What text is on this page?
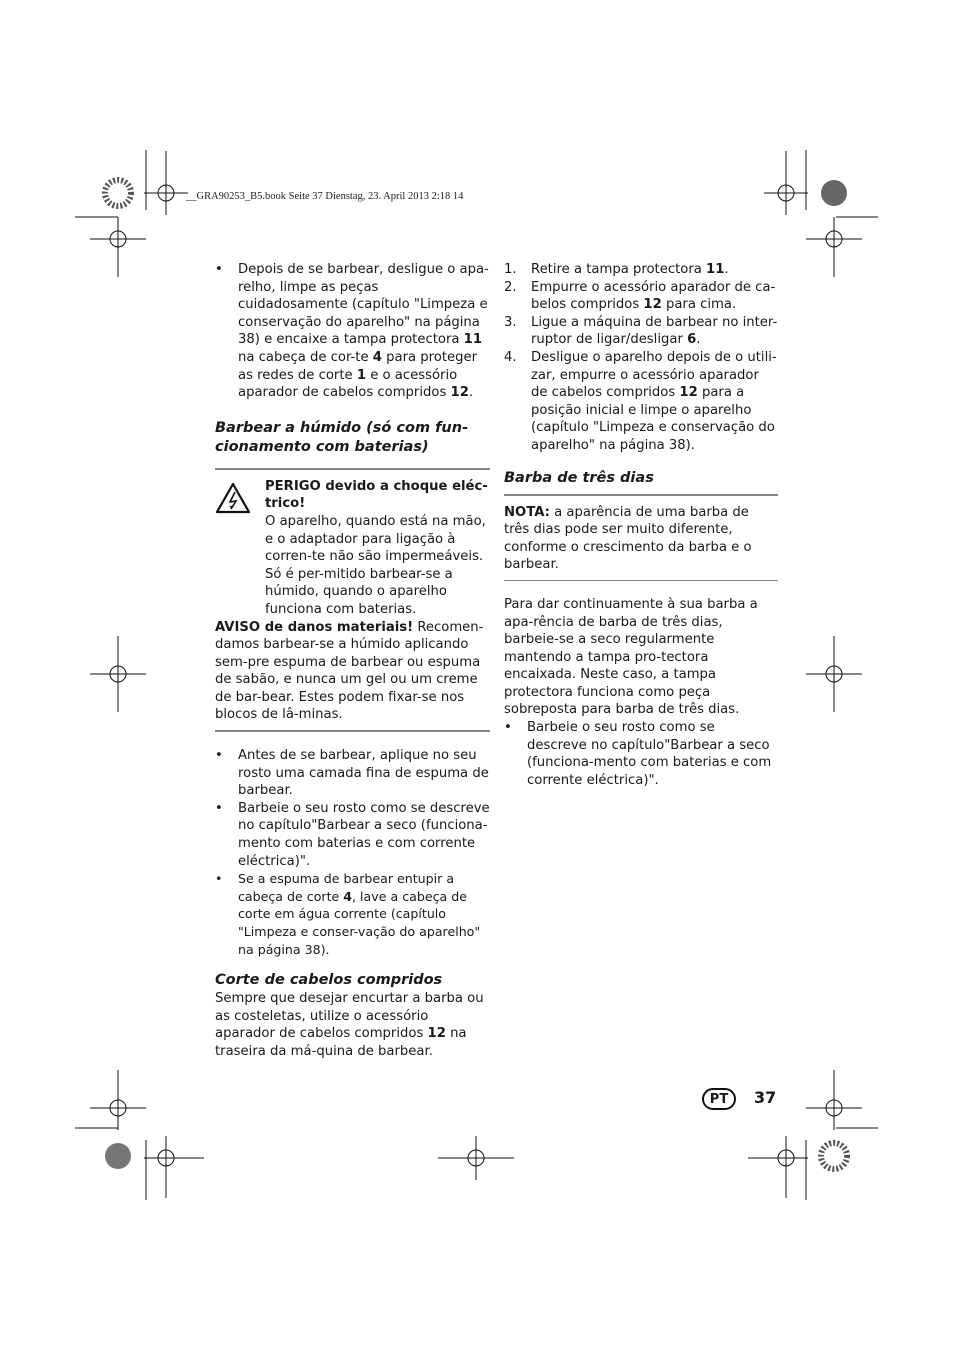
__GRA90253_B5.book Seite 37 Dienstag, 23. April 2013 2:18 14
• Depois de se barbear, desligue o apa-relho, limpe as peças cuidadosamente (capítulo "Limpeza e conservação do aparelho" na página 38) e encaixe a tampa protectora 11 na cabeça de cor-te 4 para proteger as redes de corte 1 e o acessório aparador de cabelos compridos 12.
Barbear a húmido (só com fun-cionamento com baterias)

PERIGO devido a choque eléc-trico!

O aparelho, quando está na mão, e o adaptador para ligação à corren-te não são impermeáveis. Só é per-mitido barbear-se a húmido, quando o aparelho funciona com baterias.

AVISO de danos materiais! Recomen-damos barbear-se a húmido aplicando sem-pre espuma de barbear ou espuma de sabão, e nunca um gel ou um creme de bar-bear. Estes podem fixar-se nos blocos de lâ-minas.

• Antes de se barbear, aplique no seu rosto uma camada fina de espuma de barbear.
• Barbeie o seu rosto como se descreve no capítulo"Barbear a seco (funciona-mento com baterias e com corrente eléctrica)".
• Se a espuma de barbear entupir a cabeça de corte 4, lave a cabeça de corte em água corrente (capítulo "Limpeza e conser-vação do aparelho" na página 38).
Corte de cabelos compridos

Sempre que desejar encurtar a barba ou as costeletas, utilize o acessório aparador de cabelos compridos 12 na traseira da má-quina de barbear.

1. Retire a tampa protectora 11.
2. Empurre o acessório aparador de ca-belos compridos 12 para cima.
3. Ligue a máquina de barbear no inter-ruptor de ligar/desligar 6.
4. Desligue o aparelho depois de o utili-zar, empurre o acessório aparador de cabelos compridos 12 para a posição inicial e limpe o aparelho (capítulo "Limpeza e conservação do aparelho" na página 38).
Barba de três dias

NOTA: a aparência de uma barba de três dias pode ser muito diferente, conforme o crescimento da barba e o barbear.

Para dar continuamente à sua barba a apa-rência de barba de três dias, barbeie-se a seco regularmente mantendo a tampa pro-tectora encaixada. Neste caso, a tampa protectora funciona como peça sobreposta para barba de três dias.

• Barbeie o seu rosto como se descreve no capítulo"Barbear a seco (funciona-mento com baterias e com corrente eléctrica)".
PT	37
